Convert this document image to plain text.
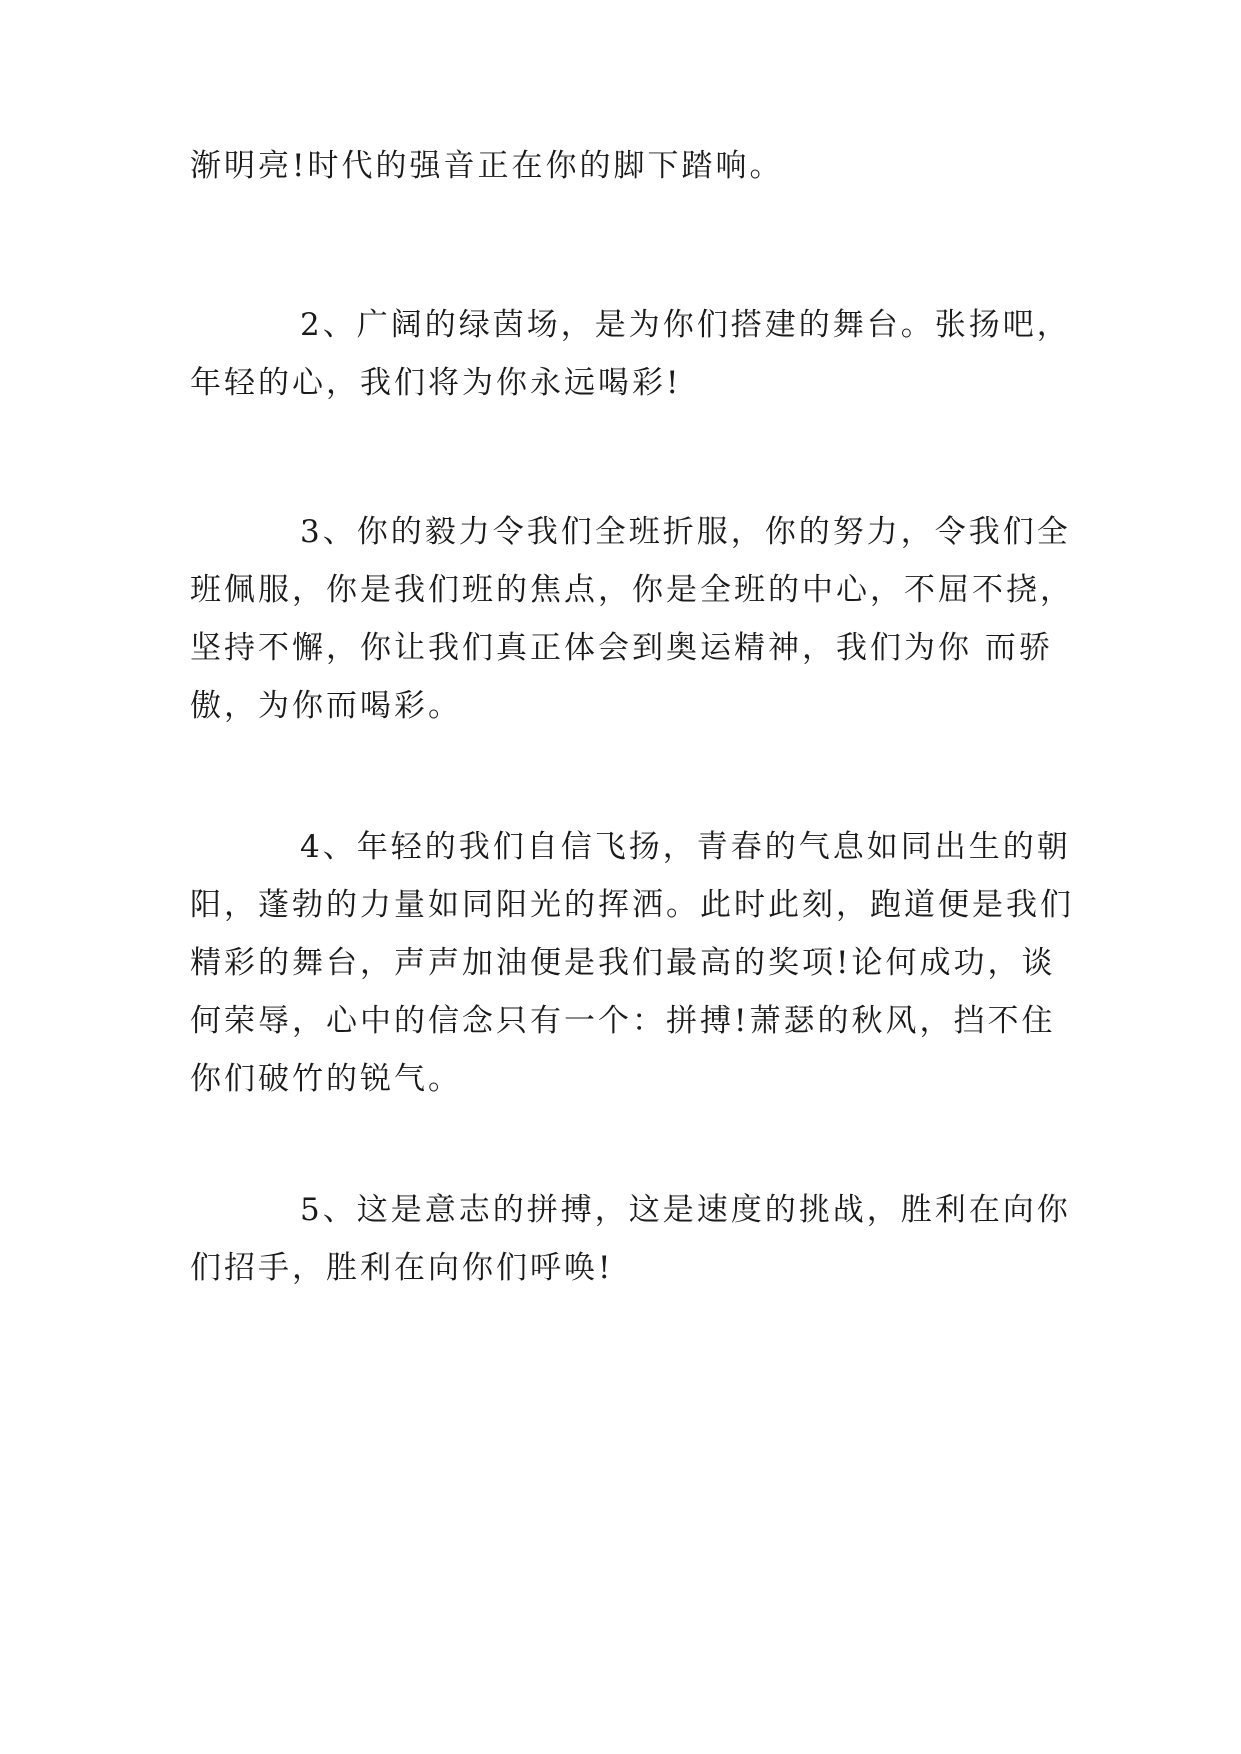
渐明亮!时代的强音正在你的脚下踏响。

2、广阔的绿茵场，是为你们搭建的舞台。张扬吧，
年轻的心，我们将为你永远喝彩!

3、你的毅力令我们全班折服，你的努力，令我们全
班佩服，你是我们班的焦点，你是全班的中心，不屈不挠，
坚持不懈，你让我们真正体会到奥运精神，我们为你 而骄
傲，为你而喝彩。

4、年轻的我们自信飞扬，青春的气息如同出生的朝
阳，蓬勃的力量如同阳光的挥洒。此时此刻，跑道便是我们
精彩的舞台，声声加油便是我们最高的奖项!论何成功，谈
何荣辱，心中的信念只有一个：拼搏!萧瑟的秋风，挡不住
你们破竹的锐气。

5、这是意志的拼搏，这是速度的挑战，胜利在向你
们招手，胜利在向你们呼唤!
